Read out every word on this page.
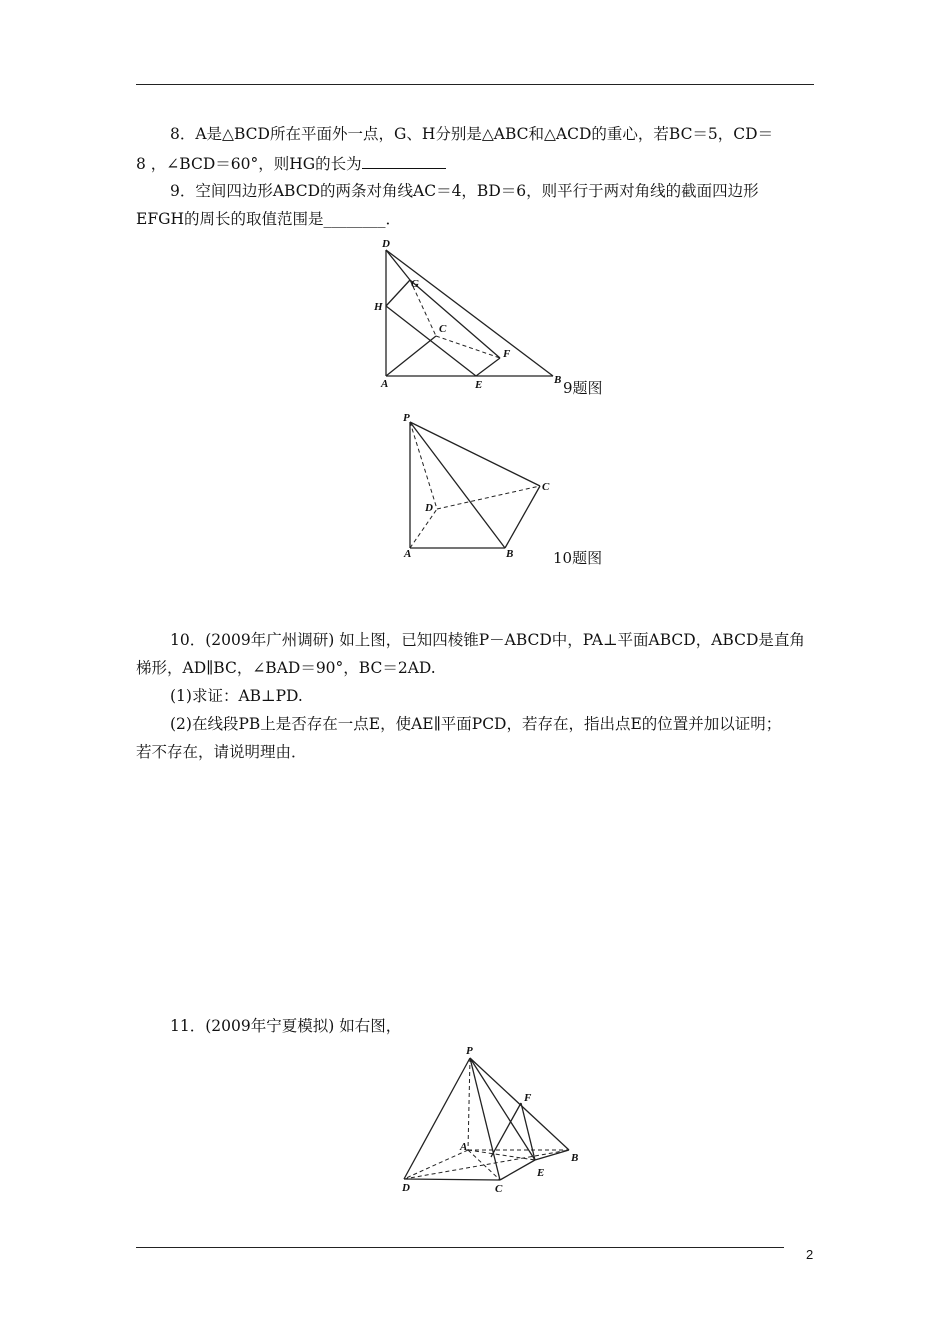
8．A是△BCD所在平面外一点，G、H分别是△ABC和△ACD的重心，若BC＝5，CD＝
8 ，∠BCD＝60°，则HG的长为
9．空间四边形ABCD的两条对角线AC＝4，BD＝6，则平行于两对角线的截面四边形
EFGH的周长的取值范围是________．
D
G
H
C
F
A	E	B 9题图
P
C
D
A	B	10题图
10．(2009年广州调研) 如上图，已知四棱锥P－ABCD中，PA⊥平面ABCD，ABCD是直角
梯形，AD∥BC，∠BAD＝90°，BC＝2AD.
(1)求证：AB⊥PD.
(2)在线段PB上是否存在一点E，使AE∥平面PCD，若存在，指出点E的位置并加以证明；
若不存在，请说明理由．
11．(2009年宁夏模拟) 如右图，
P
F
A
B
E
D	C
2
